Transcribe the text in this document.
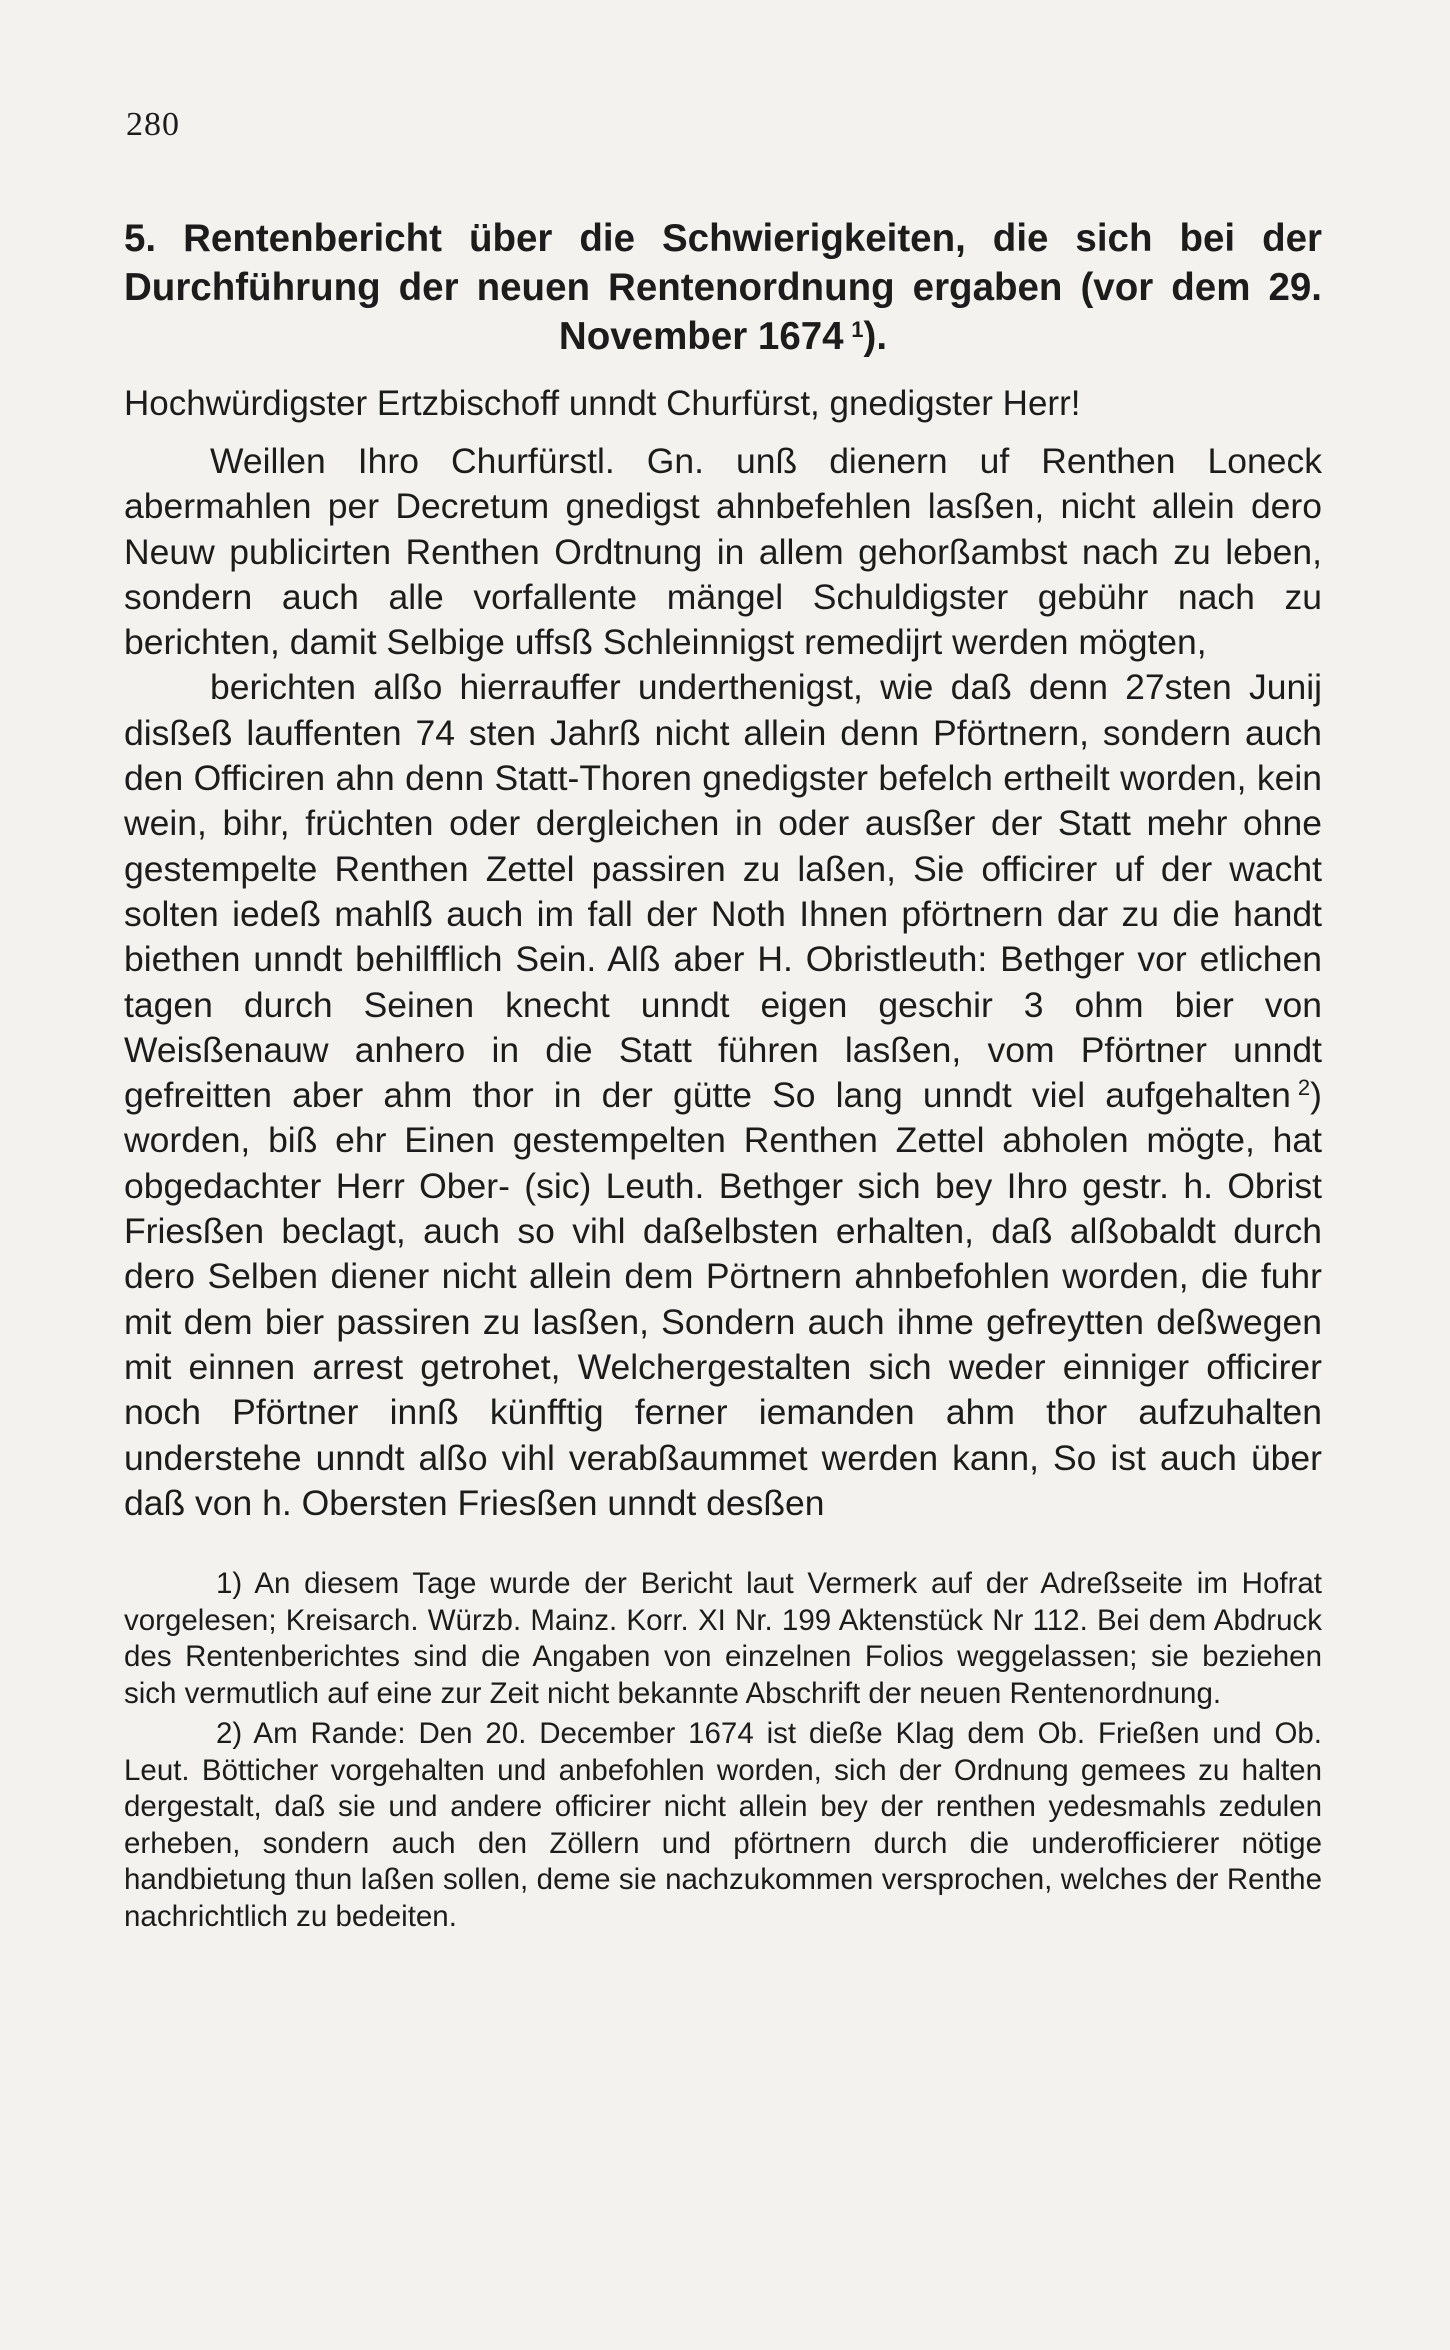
280
5. Rentenbericht über die Schwierigkeiten, die sich bei der Durchführung der neuen Rentenordnung ergaben (vor dem 29. November 1674  $^1$).
Hochwürdigster Ertzbischoff unndt Churfürst, gnedigster Herr!

Weillen Ihro Churfürstl. Gn. unß dienern uf Renthen Loneck abermahlen per Decretum gnedigst ahnbefehlen lasßen, nicht allein dero Neuw publicirten Renthen Ordtnung in allem gehorßambst nach zu leben, sondern auch alle vorfallente mängel Schuldigster gebühr nach zu berichten, damit Selbige uffsß Schleinnigst remedijrt werden mögten,

berichten alßo hierrauffer underthenigst, wie daß denn 27sten Junij disßeß lauffenten 74 sten Jahrß nicht allein denn Pförtnern, sondern auch den Officiren ahn denn Statt-Thoren gnedigster befelch ertheilt worden, kein wein, bihr, früchten oder dergleichen in oder ausßer der Statt mehr ohne gestempelte Renthen Zettel passiren zu laßen, Sie officirer uf der wacht solten iedeß mahlß auch im fall der Noth Ihnen pförtnern dar zu die handt biethen unndt behilfflich Sein. Alß aber H. Obristleuth: Bethger vor etlichen tagen durch Seinen knecht unndt eigen geschir 3 ohm bier von Weisßenauw anhero in die Statt führen lasßen, vom Pförtner unndt gefreitten aber ahm thor in der gütte So lang unndt viel aufgehalten  $^2$) worden, biß ehr Einen gestempelten Renthen Zettel abholen mögte, hat obgedachter Herr Ober- (sic) Leuth. Bethger sich bey Ihro gestr. h. Obrist Friesßen beclagt, auch so vihl daßelbsten erhalten, daß alßobaldt durch dero Selben diener nicht allein dem Pörtnern ahnbefohlen worden, die fuhr mit dem bier passiren zu lasßen, Sondern auch ihme gefreytten deßwegen mit einnen arrest getrohet, Welchergestalten sich weder einniger officirer noch Pförtner innß künfftig ferner iemanden ahm thor aufzuhalten understehe unndt alßo vihl verabßaummet werden kann, So ist auch über daß von h. Obersten Friesßen unndt desßen

1) An diesem Tage wurde der Bericht laut Vermerk auf der Adreßseite im Hofrat vorgelesen; Kreisarch. Würzb. Mainz. Korr. XI Nr. 199 Aktenstück Nr 112. Bei dem Abdruck des Rentenberichtes sind die Angaben von einzelnen Folios weggelassen; sie beziehen sich vermutlich auf eine zur Zeit nicht bekannte Abschrift der neuen Rentenordnung.

2) Am Rande: Den 20. December 1674 ist dieße Klag dem Ob. Frießen und Ob. Leut. Bötticher vorgehalten und anbefohlen worden, sich der Ordnung gemees zu halten dergestalt, daß sie und andere officirer nicht allein bey der renthen yedesmahls zedulen erheben, sondern auch den Zöllern und pförtnern durch die underofficierer nötige handbietung thun laßen sollen, deme sie nachzukommen versprochen, welches der Renthe nachrichtlich zu bedeiten.
